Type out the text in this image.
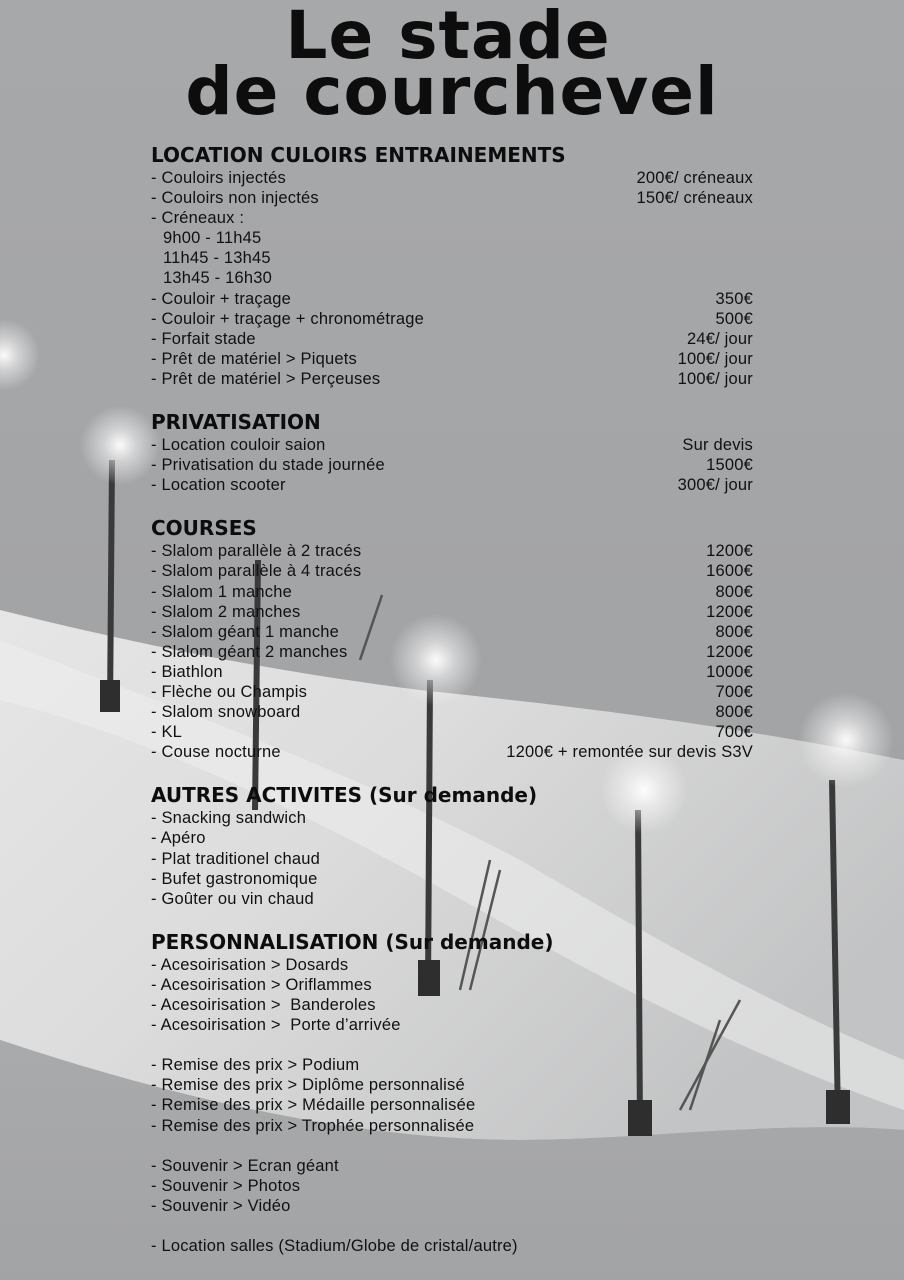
Le stade
de courchevel
LOCATION CULOIRS ENTRAINEMENTS
- Couloirs injectés	200€/ créneaux
- Couloirs non injectés	150€/ créneaux
- Créneaux :
9h00 - 11h45
11h45 - 13h45
13h45 - 16h30
- Couloir + traçage	350€
- Couloir + traçage + chronométrage	500€
- Forfait stade	24€/ jour
- Prêt de matériel > Piquets	100€/ jour
- Prêt de matériel > Perçeuses	100€/ jour
PRIVATISATION
- Location couloir saion	Sur devis
- Privatisation du stade journée	1500€
- Location scooter	300€/ jour
COURSES
- Slalom parallèle à 2 tracés	1200€
- Slalom parallèle à 4 tracés	1600€
- Slalom 1 manche	800€
- Slalom 2 manches	1200€
- Slalom géant 1 manche	800€
- Slalom géant 2 manches	1200€
- Biathlon	1000€
- Flèche ou Champis	700€
- Slalom snowboard	800€
- KL	700€
- Couse nocturne	1200€ + remontée sur devis S3V
AUTRES ACTIVITES (Sur demande)
- Snacking sandwich
- Apéro
- Plat traditionel chaud
- Bufet gastronomique
- Goûter ou vin chaud
PERSONNALISATION (Sur demande)
- Acesoirisation > Dosards
- Acesoirisation > Oriflammes
- Acesoirisation >  Banderoles
- Acesoirisation >  Porte d’arrivée
- Remise des prix > Podium
- Remise des prix > Diplôme personnalisé
- Remise des prix > Médaille personnalisée
- Remise des prix > Trophée personnalisée
- Souvenir > Ecran géant
- Souvenir > Photos
- Souvenir > Vidéo
- Location salles (Stadium/Globe de cristal/autre)
